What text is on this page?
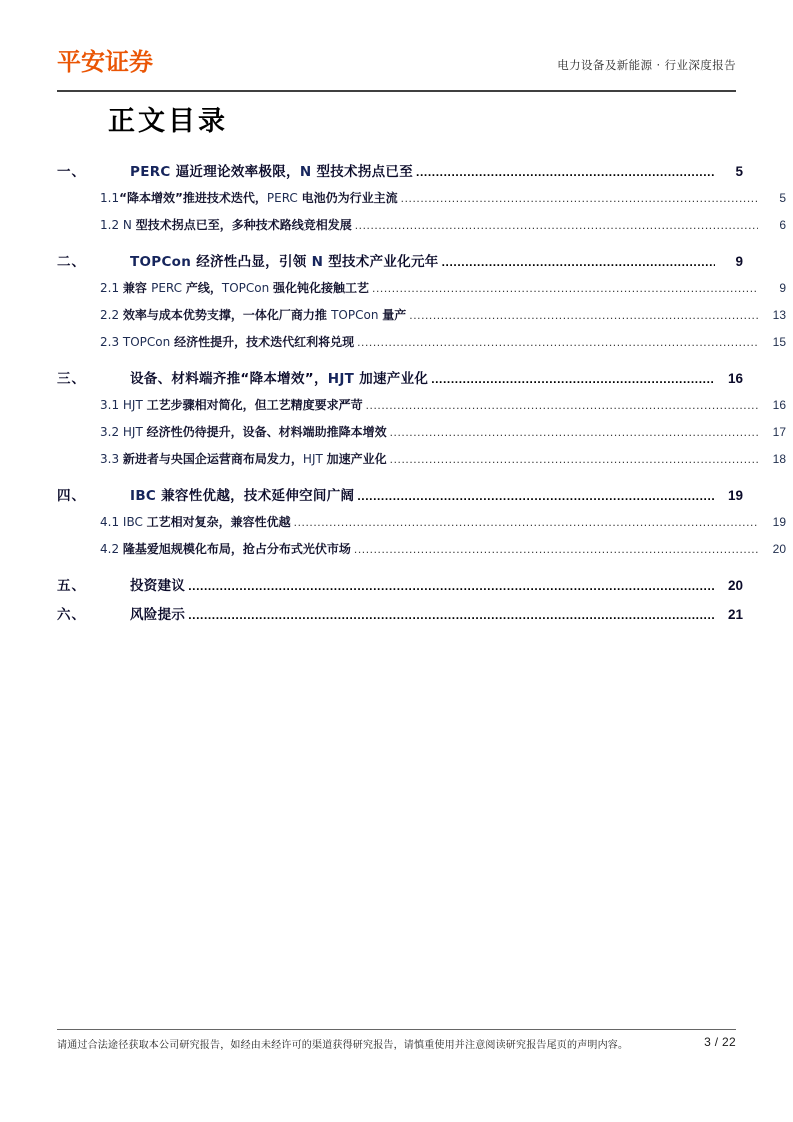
平安证券	电力设备及新能源 · 行业深度报告
正文目录
一、	PERC 逼近理论效率极限，N 型技术拐点已至 .....	5
1.1“降本增效”推进技术迭代，PERC 电池仍为行业主流 .....	5
1.2 N 型技术拐点已至，多种技术路线竞相发展 .....	6
二、	TOPCon 经济性凸显，引领 N 型技术产业化元年 .....	9
2.1 兼容 PERC 产线，TOPCon 强化钝化接触工艺 .....	9
2.2 效率与成本优势支撑，一体化厂商力推 TOPCon 量产 .....	13
2.3 TOPCon 经济性提升，技术迭代红利将兑现 .....	15
三、	设备、材料端齐推“降本增效”，HJT 加速产业化 .....	16
3.1 HJT 工艺步骤相对简化，但工艺精度要求严苛 .....	16
3.2 HJT 经济性仍待提升，设备、材料端助推降本增效 .....	17
3.3 新进者与央国企运营商布局发力，HJT 加速产业化 .....	18
四、	IBC 兼容性优越，技术延伸空间广阔 .....	19
4.1 IBC 工艺相对复杂，兼容性优越 .....	19
4.2 隆基爱旭规模化布局，抢占分布式光伏市场 .....	20
五、	投资建议 .....	20
六、	风险提示 .....	21
请通过合法途径获取本公司研究报告，如经由未经许可的渠道获得研究报告，请慎重使用并注意阅读研究报告尾页的声明内容。	3 / 22
